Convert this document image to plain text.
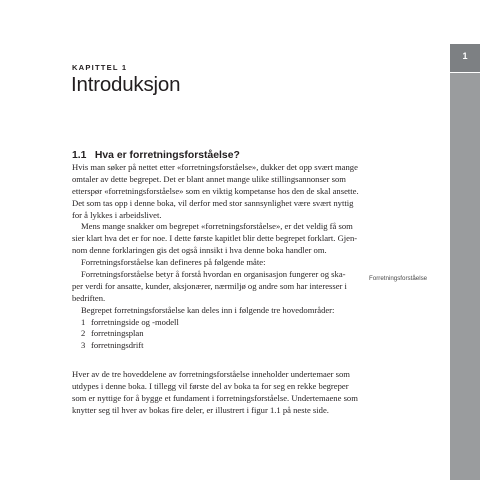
1
KAPITTEL 1
Introduksjon
1.1 Hva er forretningsforståelse?
Hvis man søker på nettet etter «forretningsforståelse», dukker det opp svært mange
omtaler av dette begrepet. Det er blant annet mange ulike stillingsannonser som
etterspør «forretningsforståelse» som en viktig kompetanse hos den de skal ansette.
Det som tas opp i denne boka, vil derfor med stor sannsynlighet være svært nyttig
for å lykkes i arbeidslivet.
Mens mange snakker om begrepet «forretningsforståelse», er det veldig få som
sier klart hva det er for noe. I dette første kapitlet blir dette begrepet forklart. Gjen-
nom denne forklaringen gis det også innsikt i hva denne boka handler om.
Forretningsforståelse kan defineres på følgende måte:
Forretningsforståelse betyr å forstå hvordan en organisasjon fungerer og ska-
per verdi for ansatte, kunder, aksjonærer, nærmiljø og andre som har interesser i
bedriften.
Begrepet forretningsforståelse kan deles inn i følgende tre hovedområder:
1 forretningside og -modell
2 forretningsplan
3 forretningsdrift
Hver av de tre hoveddelene av forretningsforståelse inneholder undertemaer som
utdypes i denne boka. I tillegg vil første del av boka ta for seg en rekke begreper
som er nyttige for å bygge et fundament i forretningsforståelse. Undertemaene som
knytter seg til hver av bokas fire deler, er illustrert i figur 1.1 på neste side.
Forretningsforståelse
